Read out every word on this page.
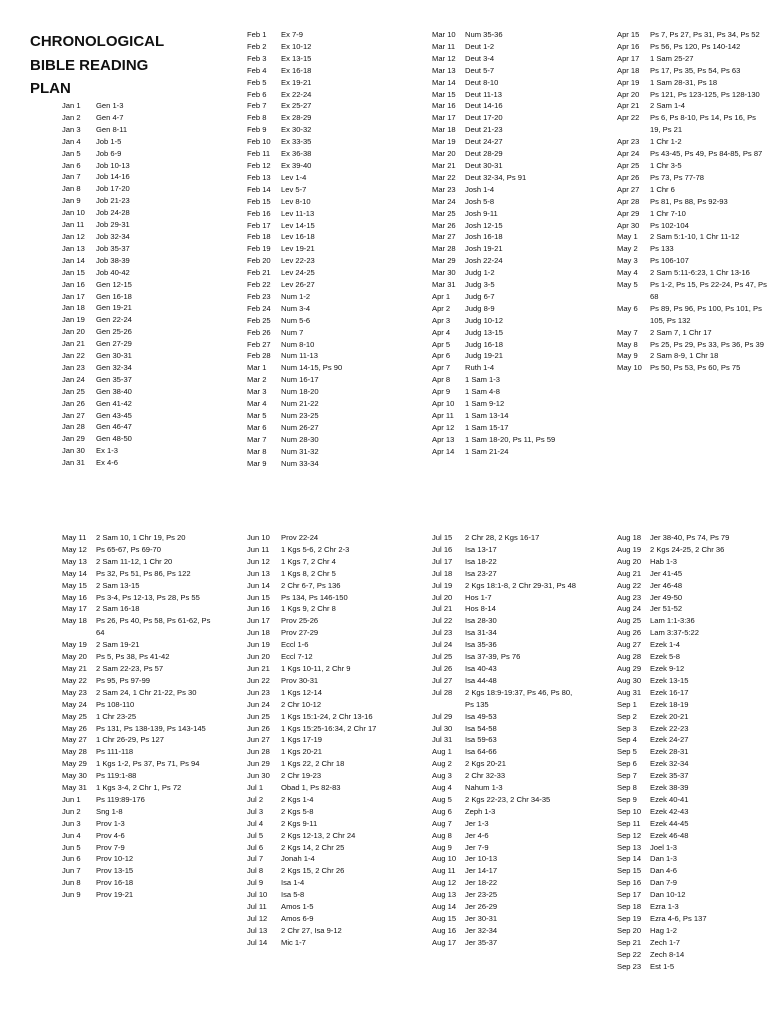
CHRONOLOGICAL
BIBLE READING
PLAN
Jan 1 Gen 1-3
Jan 2 Gen 4-7
Jan 3 Gen 8-11
Jan 4 Job 1-5
Jan 5 Job 6-9
Jan 6 Job 10-13
Jan 7 Job 14-16
Jan 8 Job 17-20
Jan 9 Job 21-23
Jan 10 Job 24-28
Jan 11 Job 29-31
Jan 12 Job 32-34
Jan 13 Job 35-37
Jan 14 Job 38-39
Jan 15 Job 40-42
Jan 16 Gen 12-15
Jan 17 Gen 16-18
Jan 18 Gen 19-21
Jan 19 Gen 22-24
Jan 20 Gen 25-26
Jan 21 Gen 27-29
Jan 22 Gen 30-31
Jan 23 Gen 32-34
Jan 24 Gen 35-37
Jan 25 Gen 38-40
Jan 26 Gen 41-42
Jan 27 Gen 43-45
Jan 28 Gen 46-47
Jan 29 Gen 48-50
Jan 30 Ex 1-3
Jan 31 Ex 4-6
Feb 1 Ex 7-9
Feb 2 Ex 10-12
Feb 3 Ex 13-15
Feb 4 Ex 16-18
Feb 5 Ex 19-21
Feb 6 Ex 22-24
Feb 7 Ex 25-27
Feb 8 Ex 28-29
Feb 9 Ex 30-32
Feb 10 Ex 33-35
Feb 11 Ex 36-38
Feb 12 Ex 39-40
Feb 13 Lev 1-4
Feb 14 Lev 5-7
Feb 15 Lev 8-10
Feb 16 Lev 11-13
Feb 17 Lev 14-15
Feb 18 Lev 16-18
Feb 19 Lev 19-21
Feb 20 Lev 22-23
Feb 21 Lev 24-25
Feb 22 Lev 26-27
Feb 23 Num 1-2
Feb 24 Num 3-4
Feb 25 Num 5-6
Feb 26 Num 7
Feb 27 Num 8-10
Feb 28 Num 11-13
Mar 1 Num 14-15, Ps 90
Mar 2 Num 16-17
Mar 3 Num 18-20
Mar 4 Num 21-22
Mar 5 Num 23-25
Mar 6 Num 26-27
Mar 7 Num 28-30
Mar 8 Num 31-32
Mar 9 Num 33-34
Mar 10 Num 35-36
Mar 11 Deut 1-2
Mar 12 Deut 3-4
Mar 13 Deut 5-7
Mar 14 Deut 8-10
Mar 15 Deut 11-13
Mar 16 Deut 14-16
Mar 17 Deut 17-20
Mar 18 Deut 21-23
Mar 19 Deut 24-27
Mar 20 Deut 28-29
Mar 21 Deut 30-31
Mar 22 Deut 32-34, Ps 91
Mar 23 Josh 1-4
Mar 24 Josh 5-8
Mar 25 Josh 9-11
Mar 26 Josh 12-15
Mar 27 Josh 16-18
Mar 28 Josh 19-21
Mar 29 Josh 22-24
Mar 30 Judg 1-2
Mar 31 Judg 3-5
Apr 1 Judg 6-7
Apr 2 Judg 8-9
Apr 3 Judg 10-12
Apr 4 Judg 13-15
Apr 5 Judg 16-18
Apr 6 Judg 19-21
Apr 7 Ruth 1-4
Apr 8 1 Sam 1-3
Apr 9 1 Sam 4-8
Apr 10 1 Sam 9-12
Apr 11 1 Sam 13-14
Apr 12 1 Sam 15-17
Apr 13 1 Sam 18-20, Ps 11, Ps 59
Apr 14 1 Sam 21-24
Apr 15 Ps 7, Ps 27, Ps 31, Ps 34, Ps 52
Apr 16 Ps 56, Ps 120, Ps 140-142
Apr 17 1 Sam 25-27
Apr 18 Ps 17, Ps 35, Ps 54, Ps 63
Apr 19 1 Sam 28-31, Ps 18
Apr 20 Ps 121, Ps 123-125, Ps 128-130
Apr 21 2 Sam 1-4
Apr 22 Ps 6, Ps 8-10, Ps 14, Ps 16, Ps 19, Ps 21
Apr 23 1 Chr 1-2
Apr 24 Ps 43-45, Ps 49, Ps 84-85, Ps 87
Apr 25 1 Chr 3-5
Apr 26 Ps 73, Ps 77-78
Apr 27 1 Chr 6
Apr 28 Ps 81, Ps 88, Ps 92-93
Apr 29 1 Chr 7-10
Apr 30 Ps 102-104
May 1 2 Sam 5:1-10, 1 Chr 11-12
May 2 Ps 133
May 3 Ps 106-107
May 4 2 Sam 5:11-6:23, 1 Chr 13-16
May 5 Ps 1-2, Ps 15, Ps 22-24, Ps 47, Ps 68
May 6 Ps 89, Ps 96, Ps 100, Ps 101, Ps 105, Ps 132
May 7 2 Sam 7, 1 Chr 17
May 8 Ps 25, Ps 29, Ps 33, Ps 36, Ps 39
May 9 2 Sam 8-9, 1 Chr 18
May 10 Ps 50, Ps 53, Ps 60, Ps 75
May 11 2 Sam 10, 1 Chr 19, Ps 20
May 12 Ps 65-67, Ps 69-70
May 13 2 Sam 11-12, 1 Chr 20
May 14 Ps 32, Ps 51, Ps 86, Ps 122
May 15 2 Sam 13-15
May 16 Ps 3-4, Ps 12-13, Ps 28, Ps 55
May 17 2 Sam 16-18
May 18 Ps 26, Ps 40, Ps 58, Ps 61-62, Ps 64
May 19 2 Sam 19-21
May 20 Ps 5, Ps 38, Ps 41-42
May 21 2 Sam 22-23, Ps 57
May 22 Ps 95, Ps 97-99
May 23 2 Sam 24, 1 Chr 21-22, Ps 30
May 24 Ps 108-110
May 25 1 Chr 23-25
May 26 Ps 131, Ps 138-139, Ps 143-145
May 27 1 Chr 26-29, Ps 127
May 28 Ps 111-118
May 29 1 Kgs 1-2, Ps 37, Ps 71, Ps 94
May 30 Ps 119:1-88
May 31 1 Kgs 3-4, 2 Chr 1, Ps 72
Jun 1 Ps 119:89-176
Jun 2 Sng 1-8
Jun 3 Prov 1-3
Jun 4 Prov 4-6
Jun 5 Prov 7-9
Jun 6 Prov 10-12
Jun 7 Prov 13-15
Jun 8 Prov 16-18
Jun 9 Prov 19-21
Jun 10 Prov 22-24
Jun 11 1 Kgs 5-6, 2 Chr 2-3
Jun 12 1 Kgs 7, 2 Chr 4
Jun 13 1 Kgs 8, 2 Chr 5
Jun 14 2 Chr 6-7, Ps 136
Jun 15 Ps 134, Ps 146-150
Jun 16 1 Kgs 9, 2 Chr 8
Jun 17 Prov 25-26
Jun 18 Prov 27-29
Jun 19 Eccl 1-6
Jun 20 Eccl 7-12
Jun 21 1 Kgs 10-11, 2 Chr 9
Jun 22 Prov 30-31
Jun 23 1 Kgs 12-14
Jun 24 2 Chr 10-12
Jun 25 1 Kgs 15:1-24, 2 Chr 13-16
Jun 26 1 Kgs 15:25-16:34, 2 Chr 17
Jun 27 1 Kgs 17-19
Jun 28 1 Kgs 20-21
Jun 29 1 Kgs 22, 2 Chr 18
Jun 30 2 Chr 19-23
Jul 1 Obad 1, Ps 82-83
Jul 2 2 Kgs 1-4
Jul 3 2 Kgs 5-8
Jul 4 2 Kgs 9-11
Jul 5 2 Kgs 12-13, 2 Chr 24
Jul 6 2 Kgs 14, 2 Chr 25
Jul 7 Jonah 1-4
Jul 8 2 Kgs 15, 2 Chr 26
Jul 9 Isa 1-4
Jul 10 Isa 5-8
Jul 11 Amos 1-5
Jul 12 Amos 6-9
Jul 13 2 Chr 27, Isa 9-12
Jul 14 Mic 1-7
Jul 15 2 Chr 28, 2 Kgs 16-17
Jul 16 Isa 13-17
Jul 17 Isa 18-22
Jul 18 Isa 23-27
Jul 19 2 Kgs 18:1-8, 2 Chr 29-31, Ps 48
Jul 20 Hos 1-7
Jul 21 Hos 8-14
Jul 22 Isa 28-30
Jul 23 Isa 31-34
Jul 24 Isa 35-36
Jul 25 Isa 37-39, Ps 76
Jul 26 Isa 40-43
Jul 27 Isa 44-48
Jul 28 2 Kgs 18:9-19:37, Ps 46, Ps 80, Ps 135
Jul 29 Isa 49-53
Jul 30 Isa 54-58
Jul 31 Isa 59-63
Aug 1 Isa 64-66
Aug 2 2 Kgs 20-21
Aug 3 2 Chr 32-33
Aug 4 Nahum 1-3
Aug 5 2 Kgs 22-23, 2 Chr 34-35
Aug 6 Zeph 1-3
Aug 7 Jer 1-3
Aug 8 Jer 4-6
Aug 9 Jer 7-9
Aug 10 Jer 10-13
Aug 11 Jer 14-17
Aug 12 Jer 18-22
Aug 13 Jer 23-25
Aug 14 Jer 26-29
Aug 15 Jer 30-31
Aug 16 Jer 32-34
Aug 17 Jer 35-37
Aug 18 Jer 38-40, Ps 74, Ps 79
Aug 19 2 Kgs 24-25, 2 Chr 36
Aug 20 Hab 1-3
Aug 21 Jer 41-45
Aug 22 Jer 46-48
Aug 23 Jer 49-50
Aug 24 Jer 51-52
Aug 25 Lam 1:1-3:36
Aug 26 Lam 3:37-5:22
Aug 27 Ezek 1-4
Aug 28 Ezek 5-8
Aug 29 Ezek 9-12
Aug 30 Ezek 13-15
Aug 31 Ezek 16-17
Sep 1 Ezek 18-19
Sep 2 Ezek 20-21
Sep 3 Ezek 22-23
Sep 4 Ezek 24-27
Sep 5 Ezek 28-31
Sep 6 Ezek 32-34
Sep 7 Ezek 35-37
Sep 8 Ezek 38-39
Sep 9 Ezek 40-41
Sep 10 Ezek 42-43
Sep 11 Ezek 44-45
Sep 12 Ezek 46-48
Sep 13 Joel 1-3
Sep 14 Dan 1-3
Sep 15 Dan 4-6
Sep 16 Dan 7-9
Sep 17 Dan 10-12
Sep 18 Ezra 1-3
Sep 19 Ezra 4-6, Ps 137
Sep 20 Hag 1-2
Sep 21 Zech 1-7
Sep 22 Zech 8-14
Sep 23 Est 1-5
